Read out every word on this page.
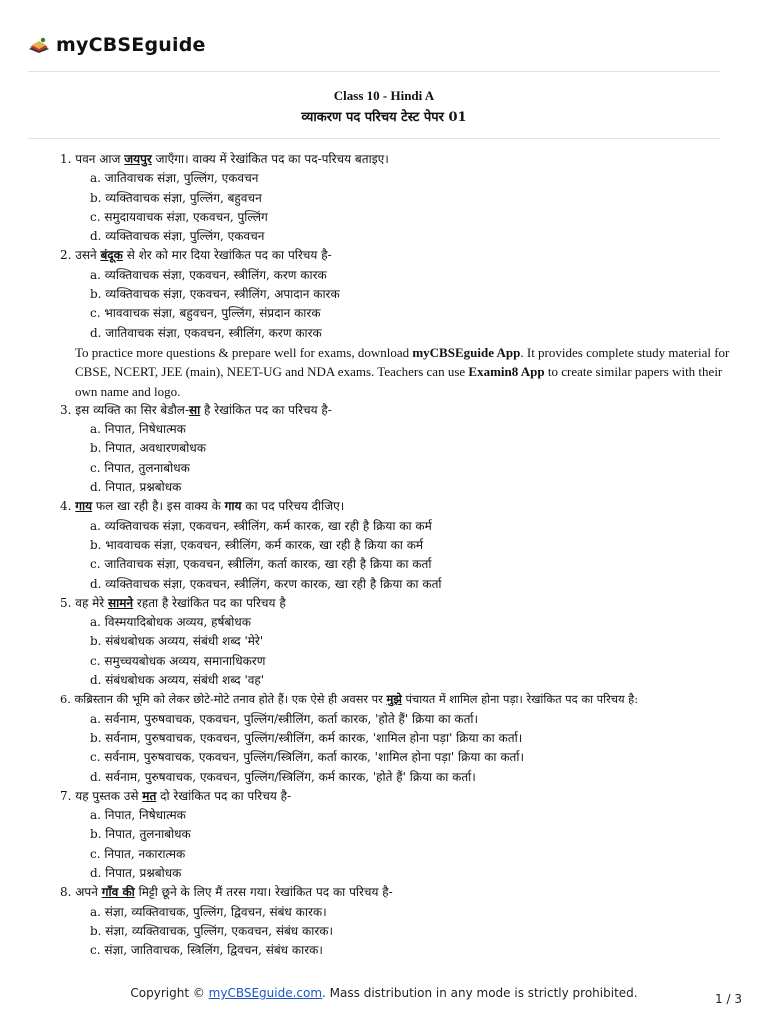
myCBSEguide
Class 10 - Hindi A
व्याकरण पद परिचय टेस्ट पेपर 01
1. पवन आज जयपुर जाएँगा। वाक्य में रेखांकित पद का पद-परिचय बताइए।
a. जातिवाचक संज्ञा, पुल्लिंग, एकवचन
b. व्यक्तिवाचक संज्ञा, पुल्लिंग, बहुवचन
c. समुदायवाचक संज्ञा, एकवचन, पुल्लिंग
d. व्यक्तिवाचक संज्ञा, पुल्लिंग, एकवचन
2. उसने बंदूक से शेर को मार दिया रेखांकित पद का परिचय है-
a. व्यक्तिवाचक संज्ञा, एकवचन, स्त्रीलिंग, करण कारक
b. व्यक्तिवाचक संज्ञा, एकवचन, स्त्रीलिंग, अपादान कारक
c. भाववाचक संज्ञा, बहुवचन, पुल्लिंग, संप्रदान कारक
d. जातिवाचक संज्ञा, एकवचन, स्त्रीलिंग, करण कारक
To practice more questions & prepare well for exams, download myCBSEguide App. It provides complete study material for CBSE, NCERT, JEE (main), NEET-UG and NDA exams. Teachers can use Examin8 App to create similar papers with their own name and logo.
3. इस व्यक्ति का सिर बेडौल-सा है रेखांकित पद का परिचय है-
a. निपात, निषेधात्मक
b. निपात, अवधारणबोधक
c. निपात, तुलनाबोधक
d. निपात, प्रश्नबोधक
4. गाय फल खा रही है। इस वाक्य के गाय का पद परिचय दीजिए।
a. व्यक्तिवाचक संज्ञा, एकवचन, स्त्रीलिंग, कर्म कारक, खा रही है क्रिया का कर्म
b. भाववाचक संज्ञा, एकवचन, स्त्रीलिंग, कर्म कारक, खा रही है क्रिया का कर्म
c. जातिवाचक संज्ञा, एकवचन, स्त्रीलिंग, कर्ता कारक, खा रही है क्रिया का कर्ता
d. व्यक्तिवाचक संज्ञा, एकवचन, स्त्रीलिंग, करण कारक, खा रही है क्रिया का कर्ता
5. वह मेरे सामने रहता है रेखांकित पद का परिचय है
a. विस्मयादिबोधक अव्यय, हर्षबोधक
b. संबंधबोधक अव्यय, संबंधी शब्द 'मेरे'
c. समुच्चयबोधक अव्यय, समानाधिकरण
d. संबंधबोधक अव्यय, संबंधी शब्द 'वह'
6. कब्रिस्तान की भूमि को लेकर छोटे-मोटे तनाव होते हैं। एक ऐसे ही अवसर पर मुझे पंचायत में शामिल होना पड़ा। रेखांकित पद का परिचय है:
a. सर्वनाम, पुरुषवाचक, एकवचन, पुल्लिंग/स्त्रीलिंग, कर्ता कारक, 'होते हैं' क्रिया का कर्ता।
b. सर्वनाम, पुरुषवाचक, एकवचन, पुल्लिंग/स्त्रीलिंग, कर्म कारक, 'शामिल होना पड़ा' क्रिया का कर्ता।
c. सर्वनाम, पुरुषवाचक, एकवचन, पुल्लिंग/स्त्रिलिंग, कर्ता कारक, 'शामिल होना पड़ा' क्रिया का कर्ता।
d. सर्वनाम, पुरुषवाचक, एकवचन, पुल्लिंग/स्त्रिलिंग, कर्म कारक, 'होते हैं' क्रिया का कर्ता।
7. यह पुस्तक उसे मत दो रेखांकित पद का परिचय है-
a. निपात, निषेधात्मक
b. निपात, तुलनाबोधक
c. निपात, नकारात्मक
d. निपात, प्रश्नबोधक
8. अपने गाँव की मिट्टी छूने के लिए मैं तरस गया। रेखांकित पद का परिचय है-
a. संज्ञा, व्यक्तिवाचक, पुल्लिंग, द्विवचन, संबंध कारक।
b. संज्ञा, व्यक्तिवाचक, पुल्लिंग, एकवचन, संबंध कारक।
c. संज्ञा, जातिवाचक, स्त्रिलिंग, द्विवचन, संबंध कारक।
Copyright © myCBSEguide.com. Mass distribution in any mode is strictly prohibited.	1 / 3
